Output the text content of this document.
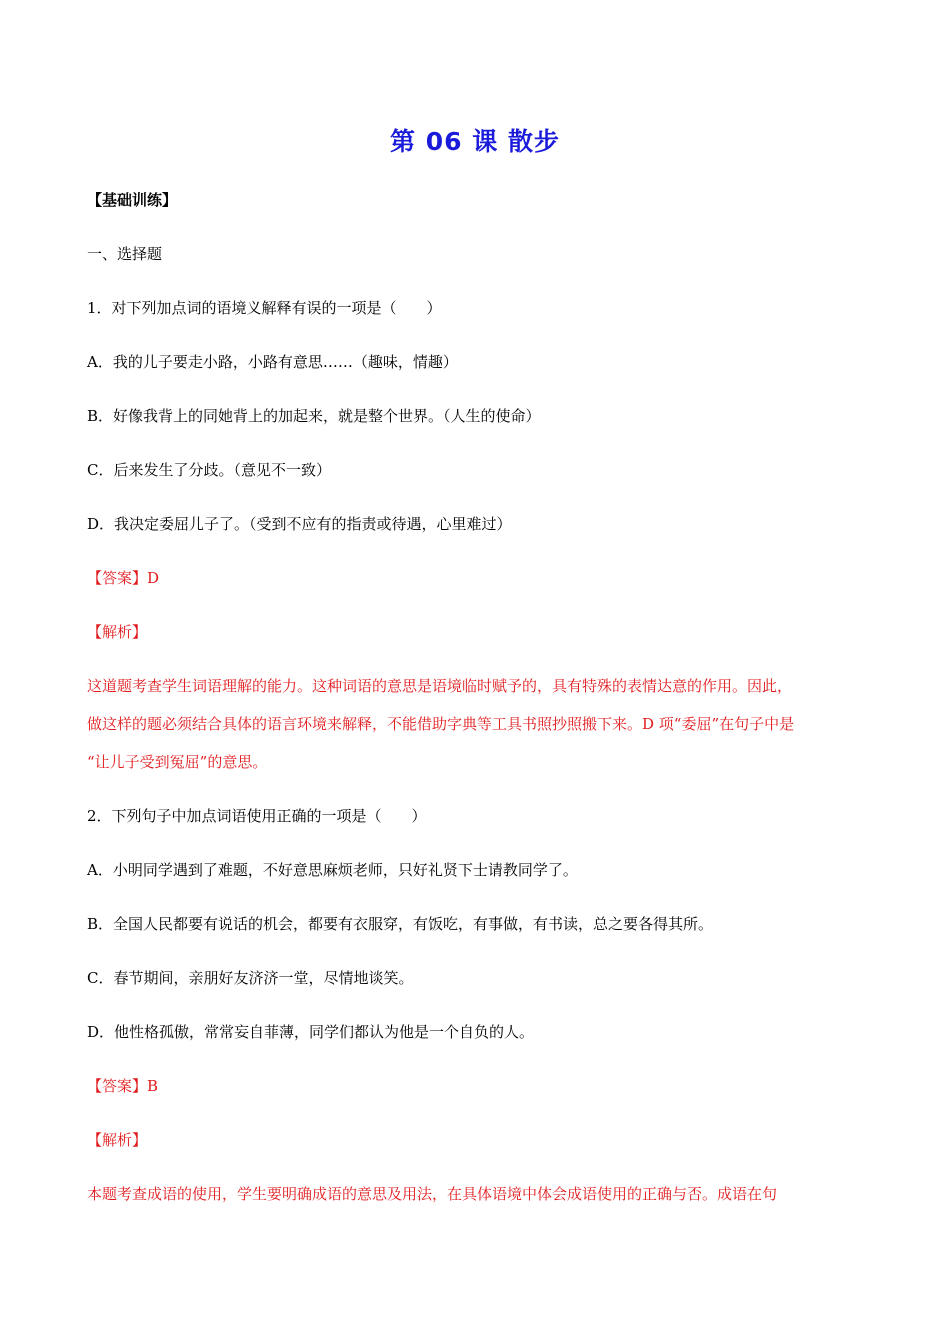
第 06 课 散步
【基础训练】
一、选择题
1．对下列加点词的语境义解释有误的一项是（　　）
A．我的儿子要走小路，小路有意思……（趣味，情趣）
B．好像我背上的同她背上的加起来，就是整个世界。（人生的使命）
C．后来发生了分歧。（意见不一致）
D．我决定委屈儿子了。（受到不应有的指责或待遇，心里难过）
【答案】D
【解析】
这道题考查学生词语理解的能力。这种词语的意思是语境临时赋予的，具有特殊的表情达意的作用。因此，
做这样的题必须结合具体的语言环境来解释，不能借助字典等工具书照抄照搬下来。D 项“委屈”在句子中是
“让儿子受到冤屈”的意思。
2．下列句子中加点词语使用正确的一项是（　　）
A．小明同学遇到了难题，不好意思麻烦老师，只好礼贤下士请教同学了。
B．全国人民都要有说话的机会，都要有衣服穿，有饭吃，有事做，有书读，总之要各得其所。
C．春节期间，亲朋好友济济一堂，尽情地谈笑。
D．他性格孤傲，常常妄自菲薄，同学们都认为他是一个自负的人。
【答案】B
【解析】
本题考查成语的使用，学生要明确成语的意思及用法，在具体语境中体会成语使用的正确与否。成语在句
